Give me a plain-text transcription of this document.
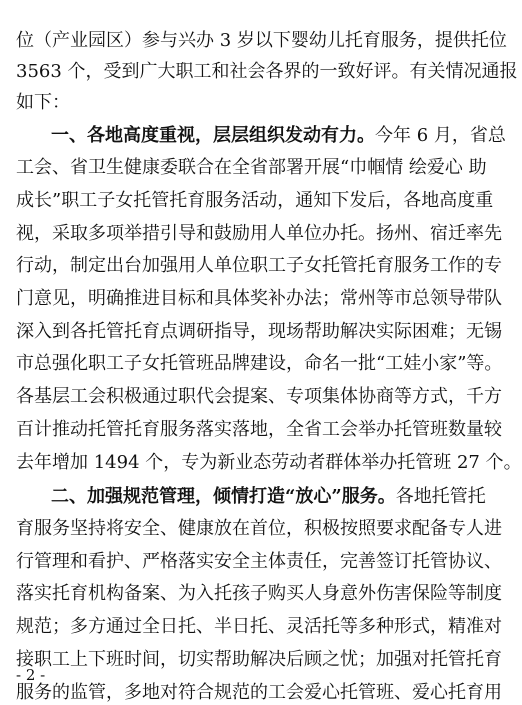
位（产业园区）参与兴办 3 岁以下婴幼儿托育服务，提供托位
3563 个，受到广大职工和社会各界的一致好评。有关情况通报
如下：
一、各地高度重视，层层组织发动有力。今年 6 月，省总
工会、省卫生健康委联合在全省部署开展“巾帼情 绘爱心 助
成长”职工子女托管托育服务活动，通知下发后，各地高度重
视，采取多项举措引导和鼓励用人单位办托。扬州、宿迁率先
行动，制定出台加强用人单位职工子女托管托育服务工作的专
门意见，明确推进目标和具体奖补办法；常州等市总领导带队
深入到各托管托育点调研指导，现场帮助解决实际困难；无锡
市总强化职工子女托管班品牌建设，命名一批“工娃小家”等。
各基层工会积极通过职代会提案、专项集体协商等方式，千方
百计推动托管托育服务落实落地，全省工会举办托管班数量较
去年增加 1494 个，专为新业态劳动者群体举办托管班 27 个。
二、加强规范管理，倾情打造“放心”服务。各地托管托
育服务坚持将安全、健康放在首位，积极按照要求配备专人进
行管理和看护、严格落实安全主体责任，完善签订托管协议、
落实托育机构备案、为入托孩子购买人身意外伤害保险等制度
规范；多方通过全日托、半日托、灵活托等多种形式，精准对
接职工上下班时间，切实帮助解决后顾之忧；加强对托管托育
服务的监管，多地对符合规范的工会爱心托管班、爱心托育用
- 2 -
